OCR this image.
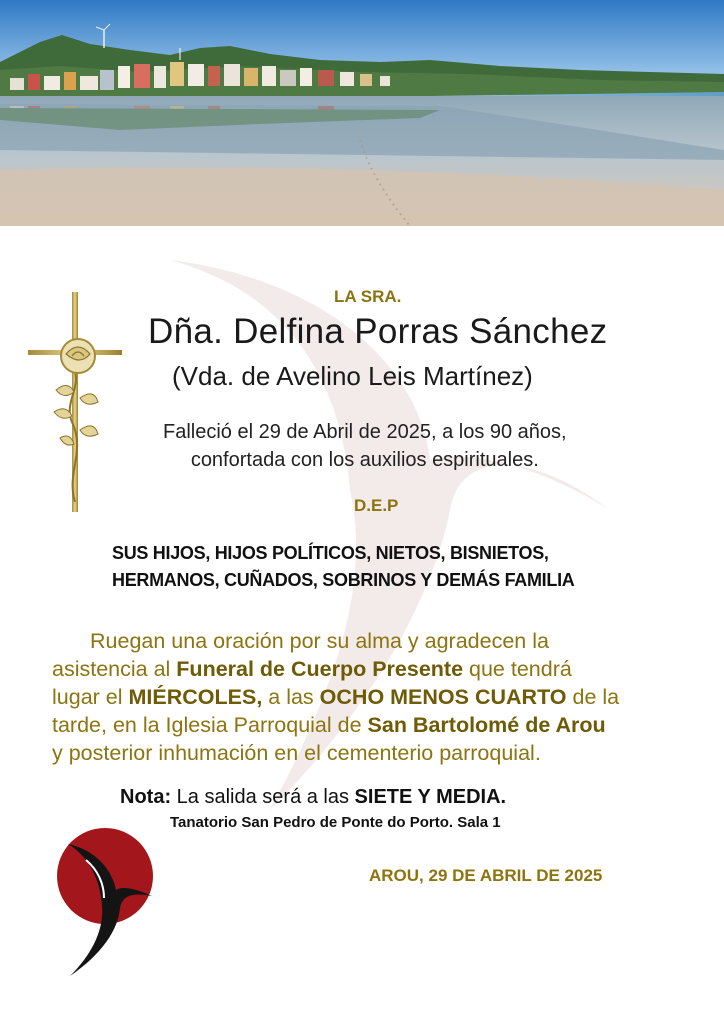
LA SRA.

Dña. Delfina Porras Sánchez

(Vda. de Avelino Leis Martínez)

Falleció el 29 de Abril de 2025, a los 90 años,
confortada con los auxilios espirituales.

D.E.P

SUS HIJOS, HIJOS POLÍTICOS, NIETOS, BISNIETOS,
HERMANOS, CUÑADOS, SOBRINOS Y DEMÁS FAMILIA

Ruegan una oración por su alma y agradecen la
asistencia al Funeral de Cuerpo Presente que tendrá
lugar el MIÉRCOLES, a las OCHO MENOS CUARTO de la
tarde, en la Iglesia Parroquial de San Bartolomé de Arou
y posterior inhumación en el cementerio parroquial.

Nota: La salida será a las SIETE Y MEDIA.

Tanatorio San Pedro de Ponte do Porto. Sala 1

AROU, 29 DE ABRIL DE 2025
